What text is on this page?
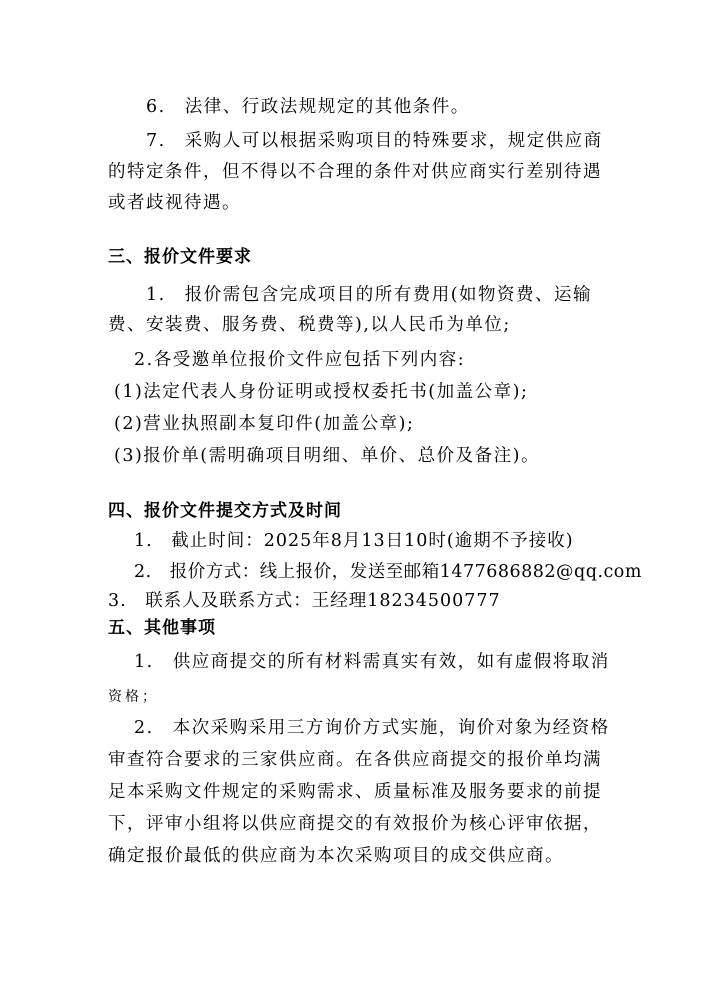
6.　法律、行政法规规定的其他条件。
7.　采购人可以根据采购项目的特殊要求，规定供应商
的特定条件，但不得以不合理的条件对供应商实行差别待遇
或者歧视待遇。
三、报价文件要求
1.　报价需包含完成项目的所有费用(如物资费、运输
费、安装费、服务费、税费等),以人民币为单位;
2.各受邀单位报价文件应包括下列内容:
(1)法定代表人身份证明或授权委托书(加盖公章);
(2)营业执照副本复印件(加盖公章);
(3)报价单(需明确项目明细、单价、总价及备注)。
四、报价文件提交方式及时间
1.　截止时间：2025年8月13日10时(逾期不予接收)
2.　报价方式：线上报价，发送至邮箱1477686882@qq.com
3.　联系人及联系方式：王经理18234500777
五、其他事项
1.　供应商提交的所有材料需真实有效，如有虚假将取消
资格；
2.　本次采购采用三方询价方式实施，询价对象为经资格
审查符合要求的三家供应商。在各供应商提交的报价单均满
足本采购文件规定的采购需求、质量标准及服务要求的前提
下，评审小组将以供应商提交的有效报价为核心评审依据，
确定报价最低的供应商为本次采购项目的成交供应商。
